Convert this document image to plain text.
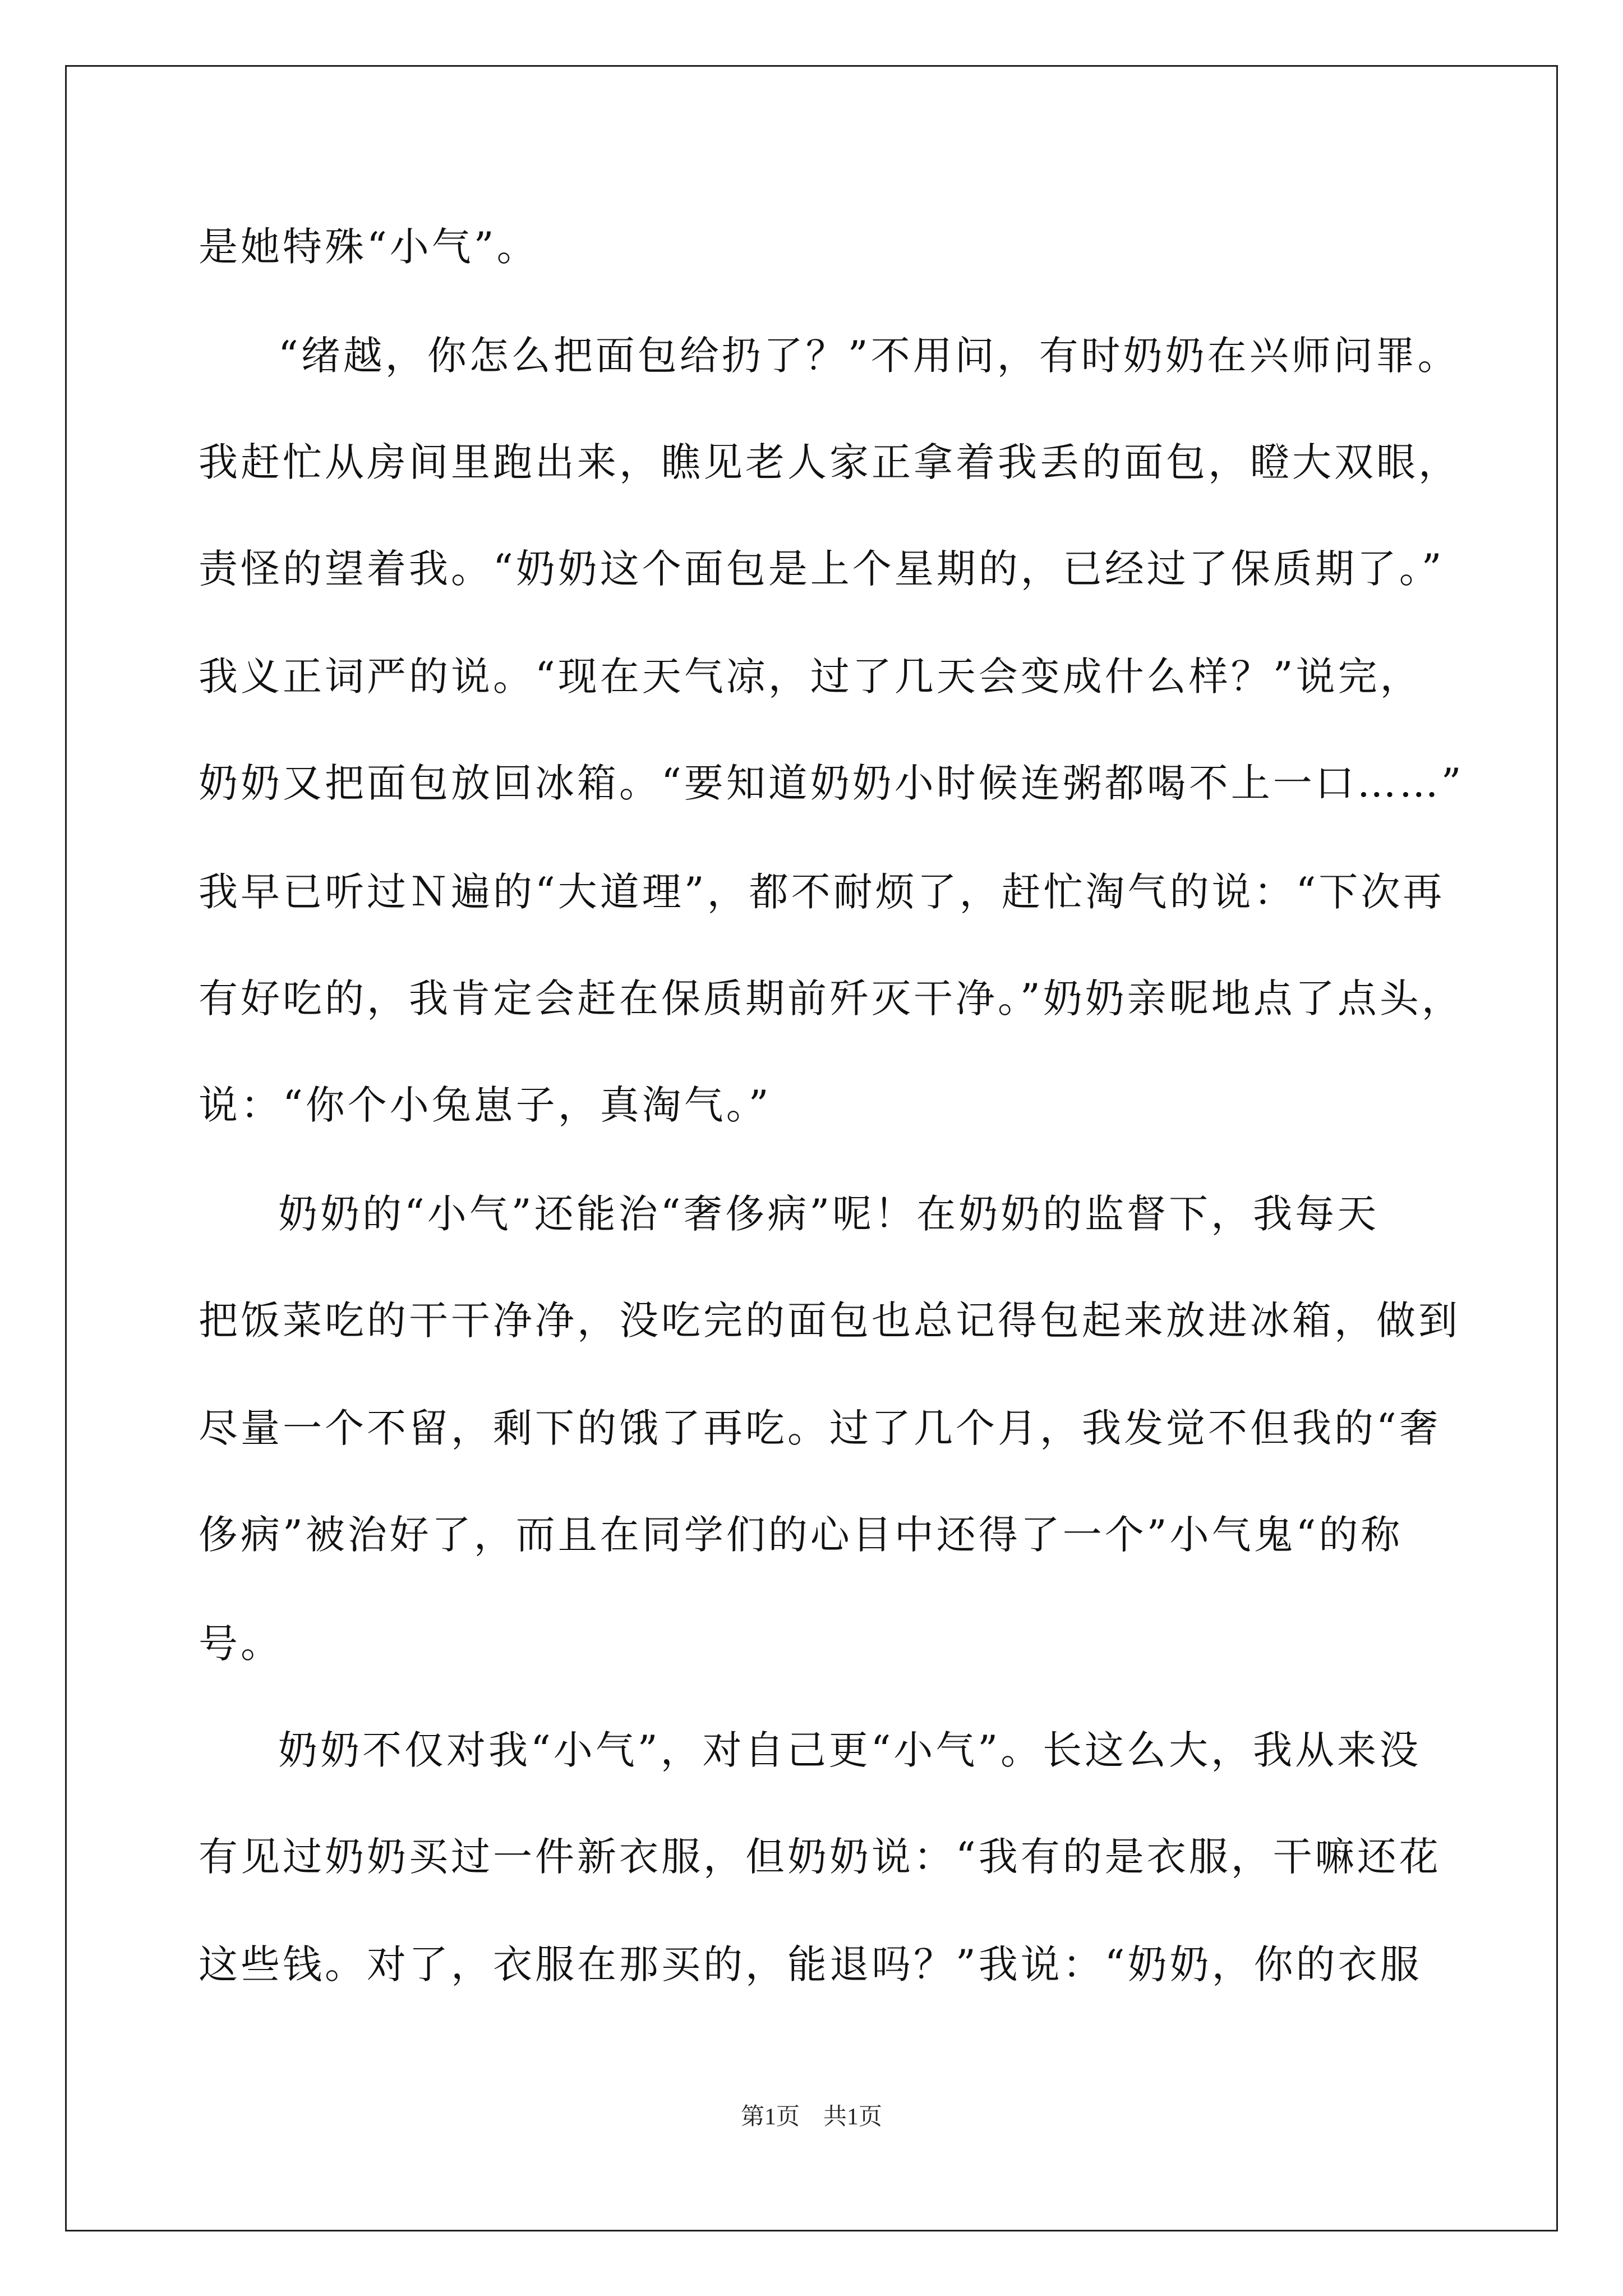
是她特殊“小气”。
“绪越，你怎么把面包给扔了？”不用问，有时奶奶在兴师问罪。
我赶忙从房间里跑出来，瞧见老人家正拿着我丢的面包，瞪大双眼，
责怪的望着我。“奶奶这个面包是上个星期的，已经过了保质期了。”
我义正词严的说。“现在天气凉，过了几天会变成什么样？”说完，
奶奶又把面包放回冰箱。“要知道奶奶小时候连粥都喝不上一口……”
我早已听过Ｎ遍的“大道理”，都不耐烦了，赶忙淘气的说：“下次再
有好吃的，我肯定会赶在保质期前歼灭干净。”奶奶亲昵地点了点头，
说：“你个小兔崽子，真淘气。”
奶奶的“小气”还能治“奢侈病”呢！在奶奶的监督下，我每天
把饭菜吃的干干净净，没吃完的面包也总记得包起来放进冰箱，做到
尽量一个不留，剩下的饿了再吃。过了几个月，我发觉不但我的“奢
侈病”被治好了，而且在同学们的心目中还得了一个”小气鬼“的称
号。
奶奶不仅对我“小气”，对自己更“小气”。长这么大，我从来没
有见过奶奶买过一件新衣服，但奶奶说：“我有的是衣服，干嘛还花
这些钱。对了，衣服在那买的，能退吗？”我说：“奶奶，你的衣服
第1页　共1页
